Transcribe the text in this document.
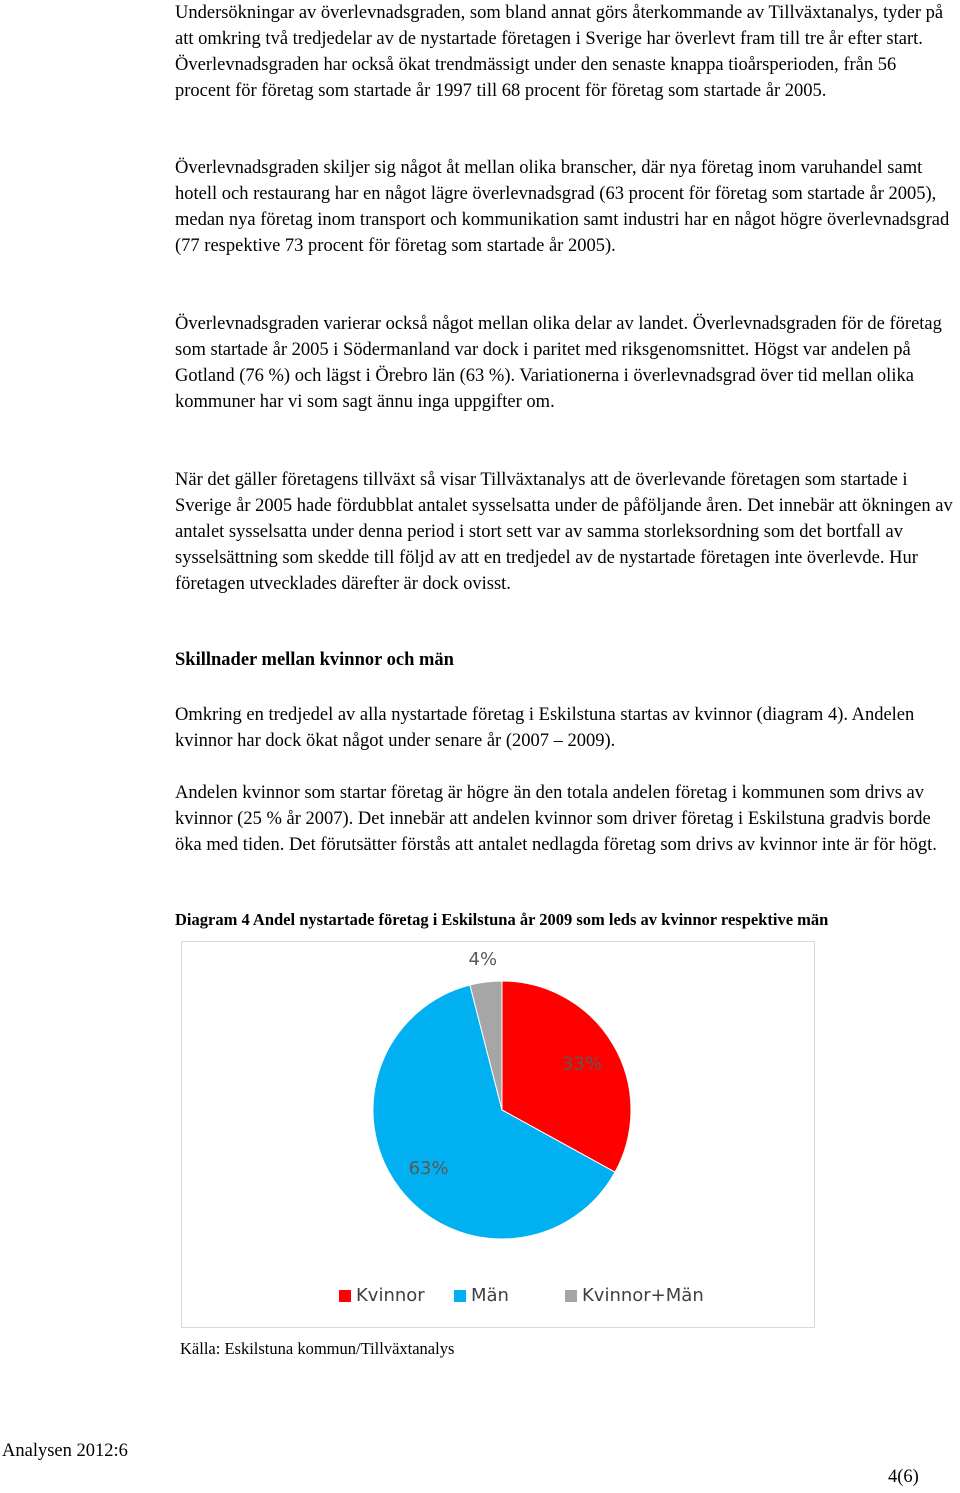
Undersökningar av överlevnadsgraden, som bland annat görs återkommande av Tillväxtanalys, tyder på att omkring två tredjedelar av de nystartade företagen i Sverige har överlevt fram till tre år efter start. Överlevnadsgraden har också ökat trendmässigt under den senaste knappa tioårsperioden, från 56 procent för företag som startade år 1997 till 68 procent för företag som startade år 2005.

Överlevnadsgraden skiljer sig något åt mellan olika branscher, där nya företag inom varuhandel samt hotell och restaurang har en något lägre överlevnadsgrad (63 procent för företag som startade år 2005), medan nya företag inom transport och kommunikation samt industri har en något högre överlevnadsgrad (77 respektive 73 procent för företag som startade år 2005).

Överlevnadsgraden varierar också något mellan olika delar av landet. Överlevnadsgraden för de företag som startade år 2005 i Södermanland var dock i paritet med riksgenomsnittet. Högst var andelen på Gotland (76 %) och lägst i Örebro län (63 %). Variationerna i överlevnadsgrad över tid mellan olika kommuner har vi som sagt ännu inga uppgifter om.

När det gäller företagens tillväxt så visar Tillväxtanalys att de överlevande företagen som startade i Sverige år 2005 hade fördubblat antalet sysselsatta under de påföljande åren. Det innebär att ökningen av antalet sysselsatta under denna period i stort sett var av samma storleksordning som det bortfall av sysselsättning som skedde till följd av att en tredjedel av de nystartade företagen inte överlevde. Hur företagen utvecklades därefter är dock ovisst.

Skillnader mellan kvinnor och män

Omkring en tredjedel av alla nystartade företag i Eskilstuna startas av kvinnor (diagram 4). Andelen kvinnor har dock ökat något under senare år (2007 – 2009).

Andelen kvinnor som startar företag är högre än den totala andelen företag i kommunen som drivs av kvinnor (25 % år 2007). Det innebär att andelen kvinnor som driver företag i Eskilstuna gradvis borde öka med tiden. Det förutsätter förstås att antalet nedlagda företag som drivs av kvinnor inte är för högt.

Diagram 4 Andel nystartade företag i Eskilstuna år 2009 som leds av kvinnor respektive män

33%
63%
4%
Kvinnor	Män	Kvinnor+Män

Källa: Eskilstuna kommun/Tillväxtanalys

Analysen 2012:6

4(6)
